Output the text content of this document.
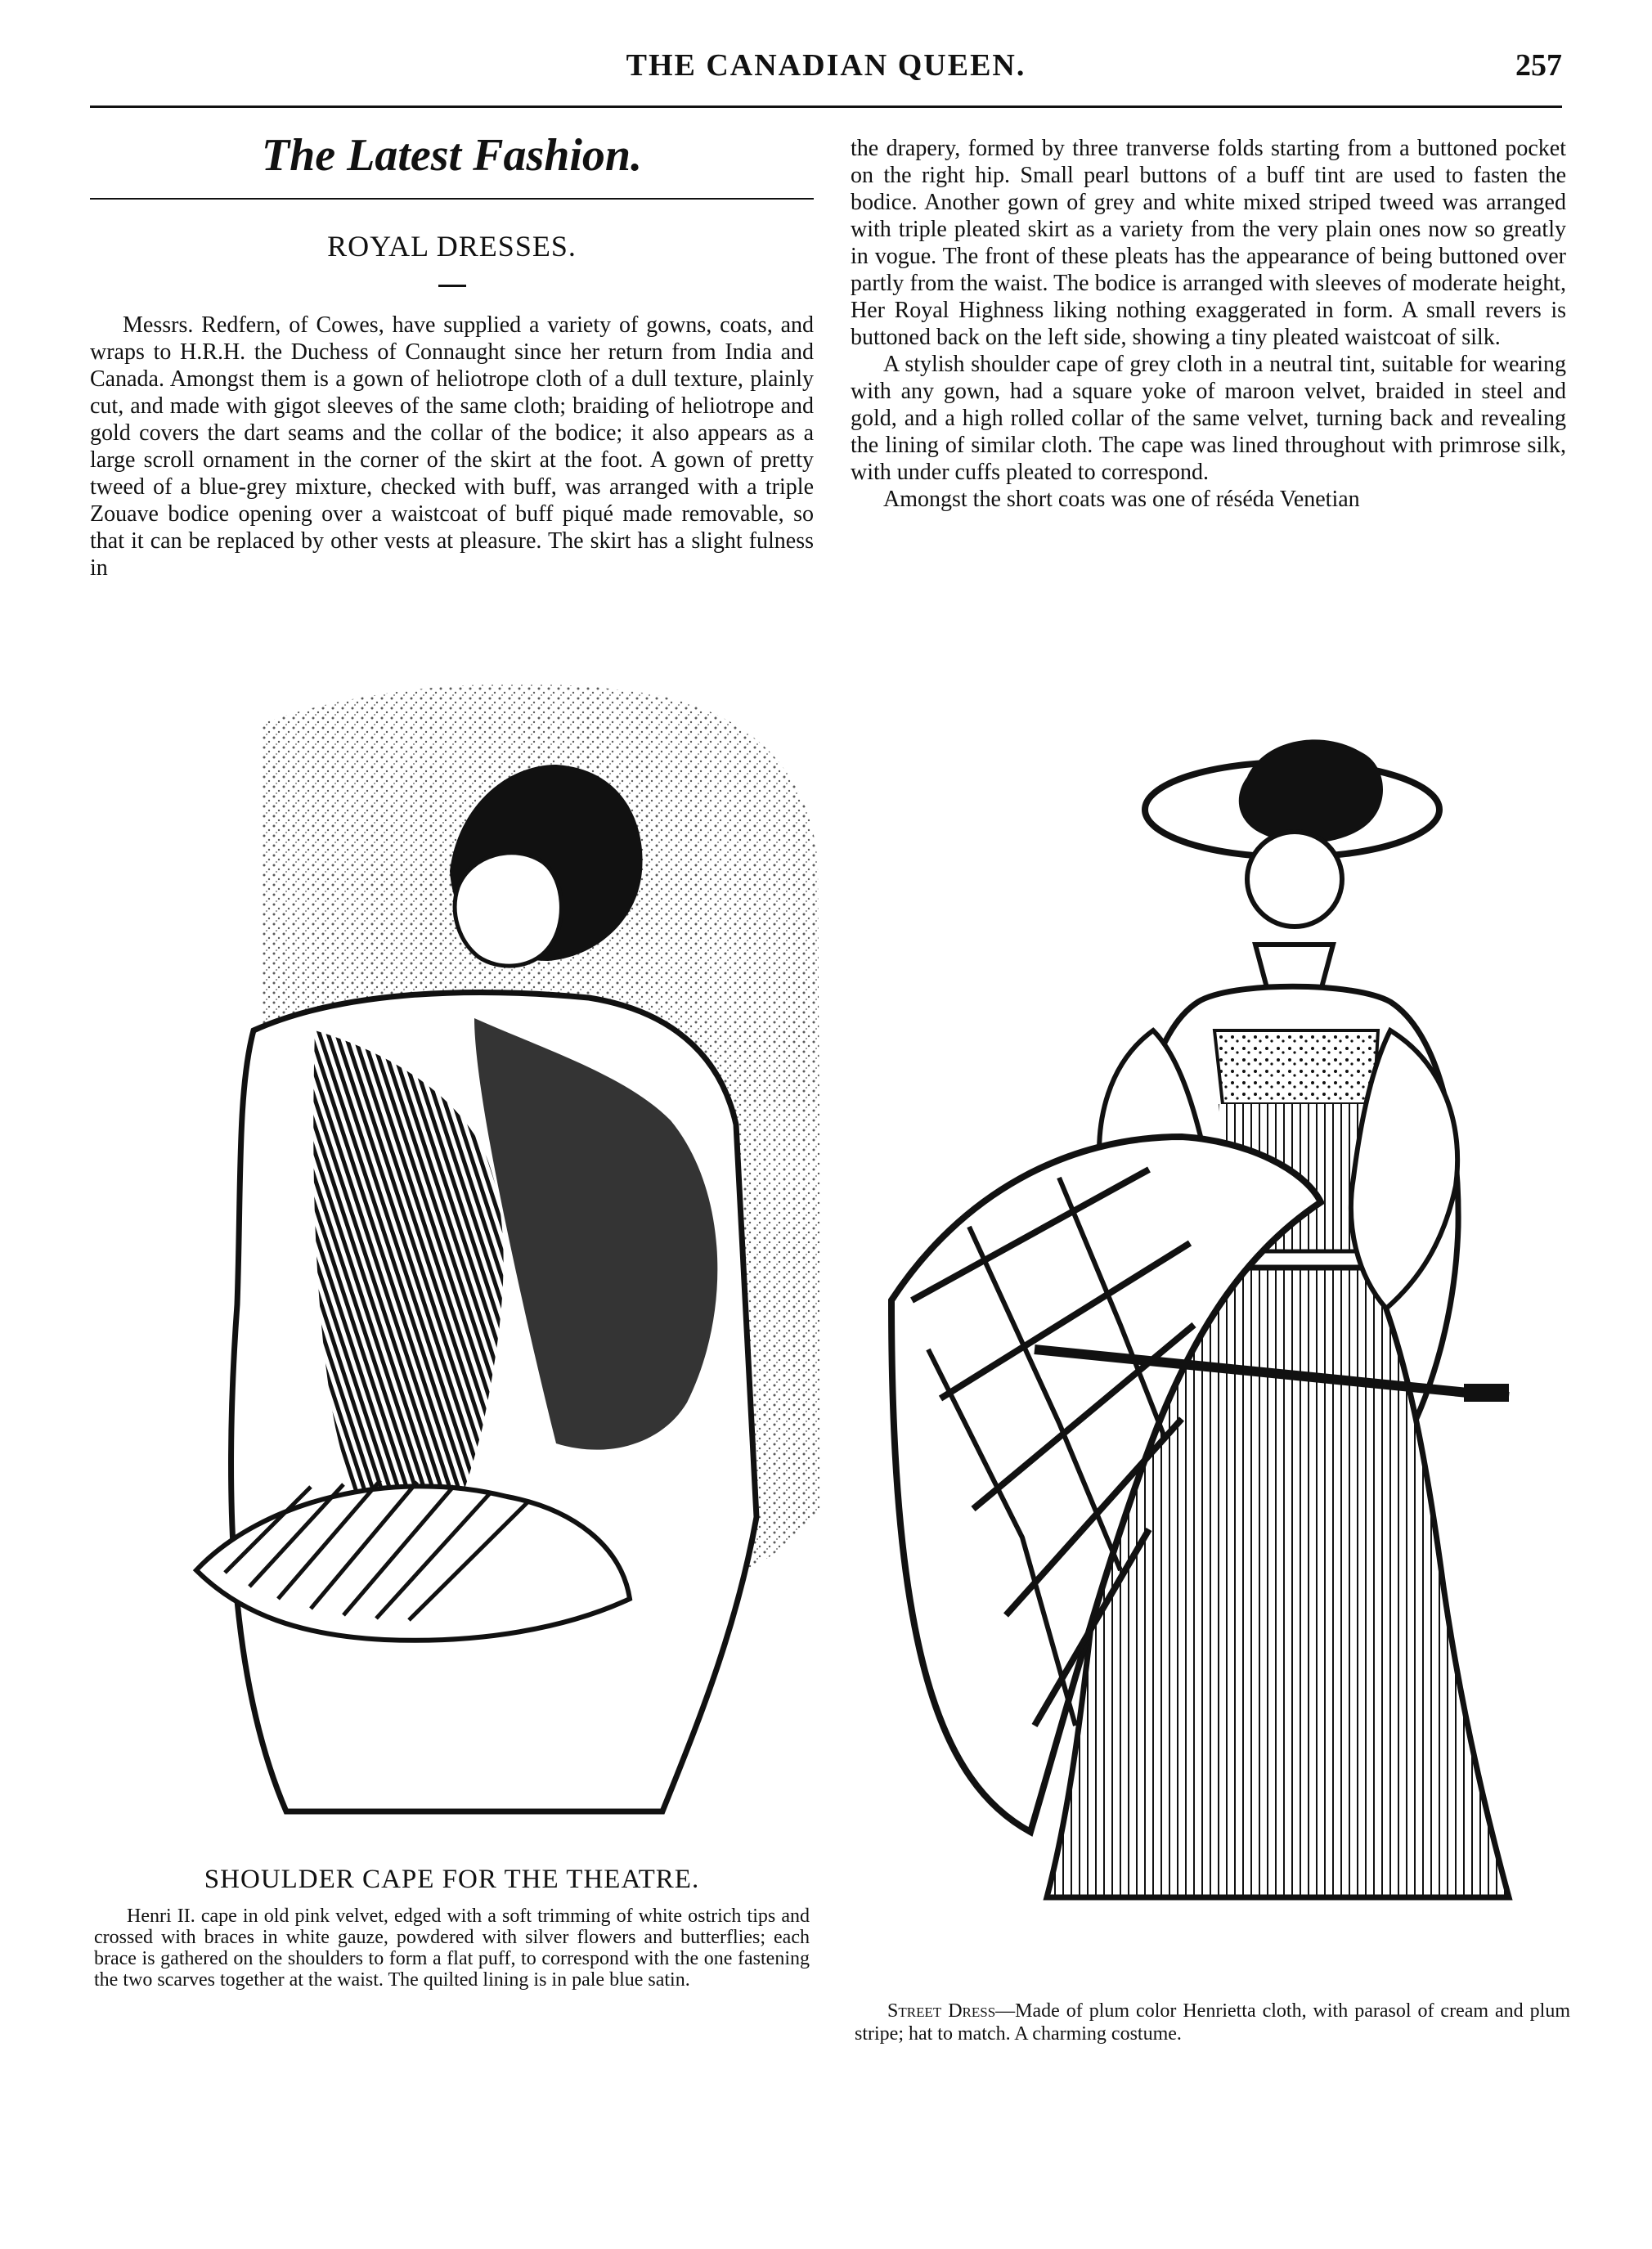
THE CANADIAN QUEEN.	257
The Latest Fashion.
ROYAL DRESSES.

Messrs. Redfern, of Cowes, have supplied a variety of gowns, coats, and wraps to H.R.H. the Duchess of Connaught since her return from India and Canada. Amongst them is a gown of heliotrope cloth of a dull texture, plainly cut, and made with gigot sleeves of the same cloth; braiding of heliotrope and gold covers the dart seams and the collar of the bodice; it also appears as a large scroll ornament in the corner of the skirt at the foot. A gown of pretty tweed of a blue-grey mixture, checked with buff, was arranged with a triple Zouave bodice opening over a waistcoat of buff piqué made removable, so that it can be replaced by other vests at pleasure. The skirt has a slight fulness in

the drapery, formed by three tranverse folds starting from a buttoned pocket on the right hip. Small pearl buttons of a buff tint are used to fasten the bodice. Another gown of grey and white mixed striped tweed was arranged with triple pleated skirt as a variety from the very plain ones now so greatly in vogue. The front of these pleats has the appearance of being buttoned over partly from the waist. The bodice is arranged with sleeves of moderate height, Her Royal Highness liking nothing exaggerated in form. A small revers is buttoned back on the left side, showing a tiny pleated waistcoat of silk.

A stylish shoulder cape of grey cloth in a neutral tint, suitable for wearing with any gown, had a square yoke of maroon velvet, braided in steel and gold, and a high rolled collar of the same velvet, turning back and revealing the lining of similar cloth. The cape was lined throughout with primrose silk, with under cuffs pleated to correspond.

Amongst the short coats was one of réséda Venetian

SHOULDER CAPE FOR THE THEATRE.

Henri II. cape in old pink velvet, edged with a soft trimming of white ostrich tips and crossed with braces in white gauze, powdered with silver flowers and butterflies; each brace is gathered on the shoulders to form a flat puff, to correspond with the one fastening the two scarves together at the waist. The quilted lining is in pale blue satin.

Street Dress—Made of plum color Henrietta cloth, with parasol of cream and plum stripe; hat to match. A charming costume.
